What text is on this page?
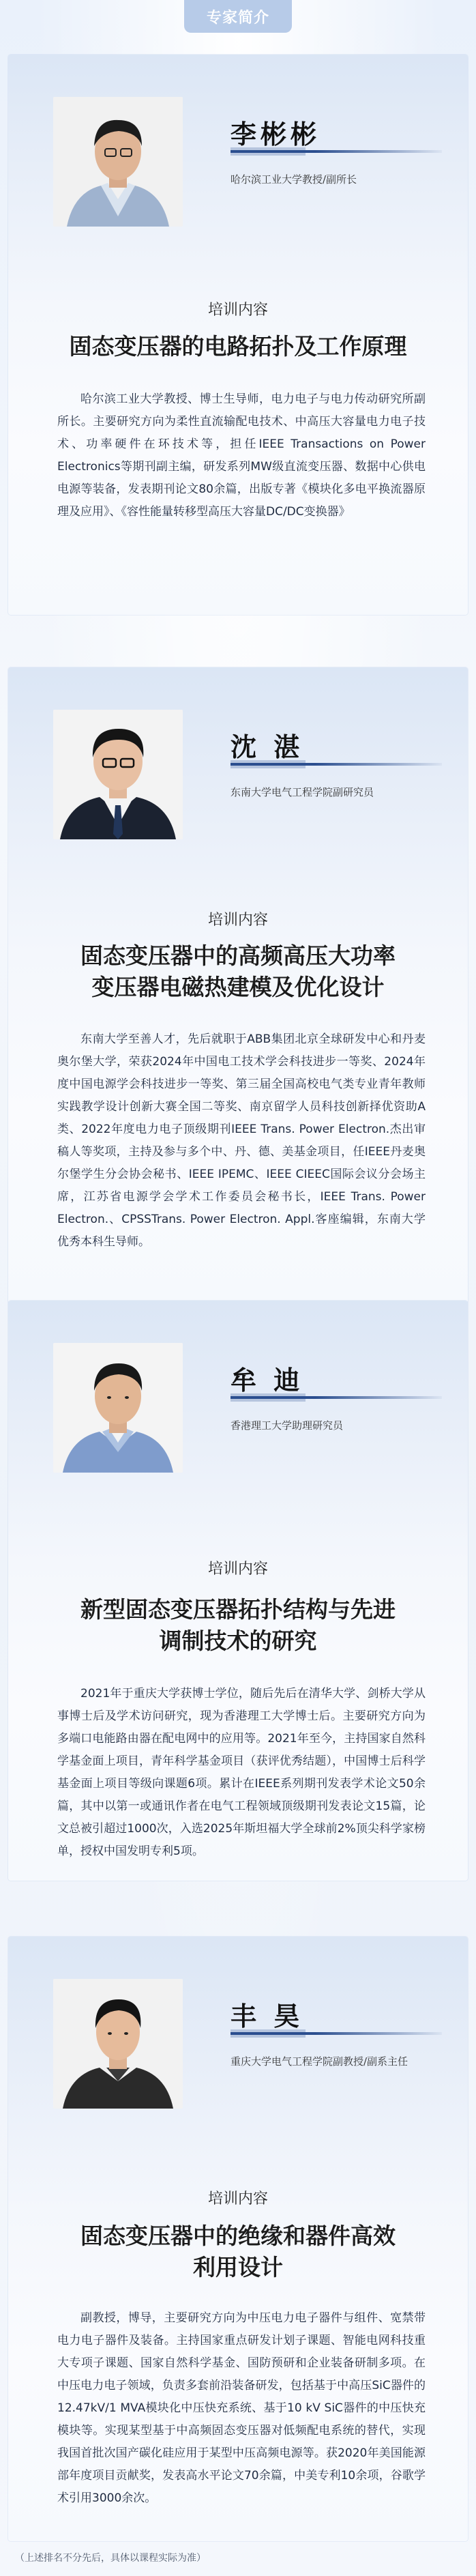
专家简介
李彬彬
哈尔滨工业大学教授/副所长
培训内容
固态变压器的电路拓扑及工作原理
哈尔滨工业大学教授、博士生导师，电力电子与电力传动研究所副所长。主要研究方向为柔性直流输配电技术、中高压大容量电力电子技术、功率硬件在环技术等，担任IEEE Transactions on Power Electronics等期刊副主编，研发系列MW级直流变压器、数据中心供电电源等装备，发表期刊论文80余篇，出版专著《模块化多电平换流器原理及应用》、《容性能量转移型高压大容量DC/DC变换器》
沈 湛
东南大学电气工程学院副研究员
培训内容
固态变压器中的高频高压大功率
变压器电磁热建模及优化设计
东南大学至善人才，先后就职于ABB集团北京全球研发中心和丹麦奥尔堡大学，荣获2024年中国电工技术学会科技进步一等奖、2024年度中国电源学会科技进步一等奖、第三届全国高校电气类专业青年教师实践教学设计创新大赛全国二等奖、南京留学人员科技创新择优资助A类、2022年度电力电子顶级期刊IEEE Trans. Power Electron.杰出审稿人等奖项，主持及参与多个中、丹、德、美基金项目，任IEEE丹麦奥尔堡学生分会协会秘书、IEEE IPEMC、IEEE CIEEC国际会议分会场主席，江苏省电源学会学术工作委员会秘书长，IEEE Trans. Power Electron.、CPSSTrans. Power Electron. Appl.客座编辑，东南大学优秀本科生导师。
牟 迪
香港理工大学助理研究员
培训内容
新型固态变压器拓扑结构与先进
调制技术的研究
2021年于重庆大学获博士学位，随后先后在清华大学、剑桥大学从事博士后及学术访问研究，现为香港理工大学博士后。主要研究方向为多端口电能路由器在配电网中的应用等。2021年至今，主持国家自然科学基金面上项目，青年科学基金项目（获评优秀结题），中国博士后科学基金面上项目等级向课题6项。累计在IEEE系列期刊发表学术论文50余篇，其中以第一或通讯作者在电气工程领域顶级期刊发表论文15篇，论文总被引超过1000次，入选2025年斯坦福大学全球前2%顶尖科学家榜单，授权中国发明专利5项。
丰 昊
重庆大学电气工程学院副教授/副系主任
培训内容
固态变压器中的绝缘和器件高效
利用设计
副教授，博导，主要研究方向为中压电力电子器件与组件、宽禁带电力电子器件及装备。主持国家重点研发计划子课题、智能电网科技重大专项子课题、国家自然科学基金、国防预研和企业装备研制多项。在中压电力电子领域，负责多套前沿装备研发，包括基于中高压SiC器件的12.47kV/1 MVA模块化中压快充系统、基于10 kV SiC器件的中压快充模块等。实现某型基于中高频固态变压器对低频配电系统的替代，实现我国首批次国产碳化硅应用于某型中压高频电源等。获2020年美国能源部年度项目贡献奖，发表高水平论文70余篇，中美专利10余项，谷歌学术引用3000余次。
（上述排名不分先后，具体以课程实际为准）
